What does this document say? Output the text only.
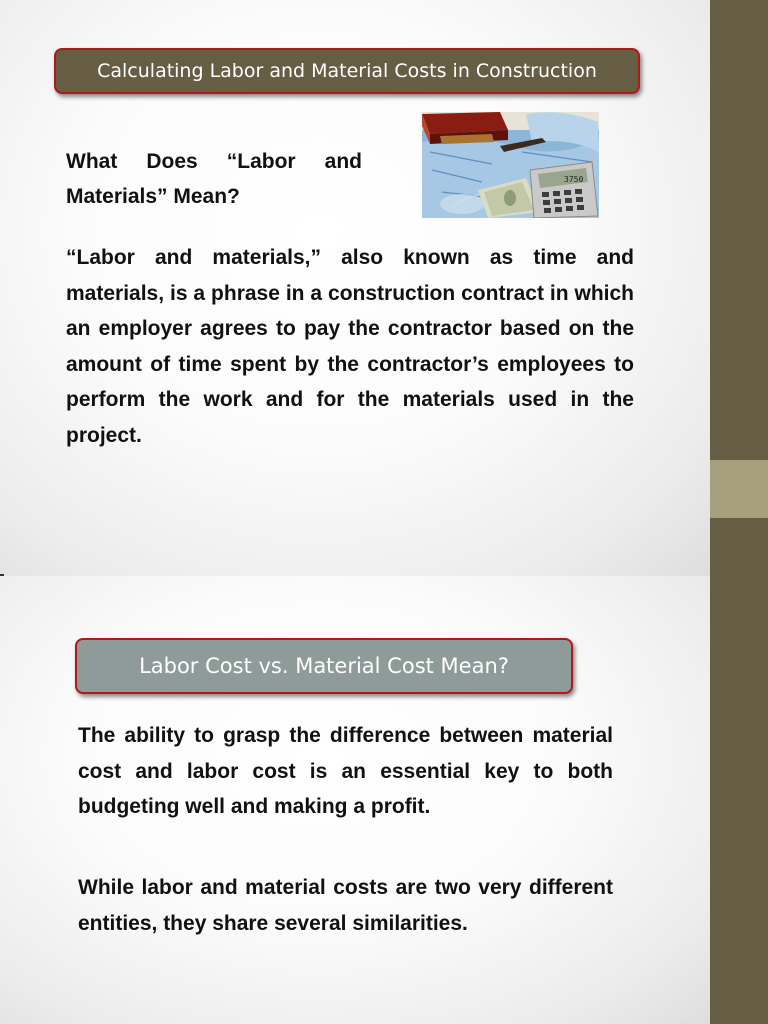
Calculating Labor and Material Costs in Construction

What Does “Labor and Materials” Mean?

3750

“Labor and materials,” also known as time and materials, is a phrase in a construction contract in which an employer agrees to pay the contractor based on the amount of time spent by the contractor’s employees to perform the work and for the materials used in the project.

Labor Cost vs. Material Cost Mean?

The ability to grasp the difference between material cost and labor cost is an essential key to both budgeting well and making a profit.

While labor and material costs are two very different entities, they share several similarities.
